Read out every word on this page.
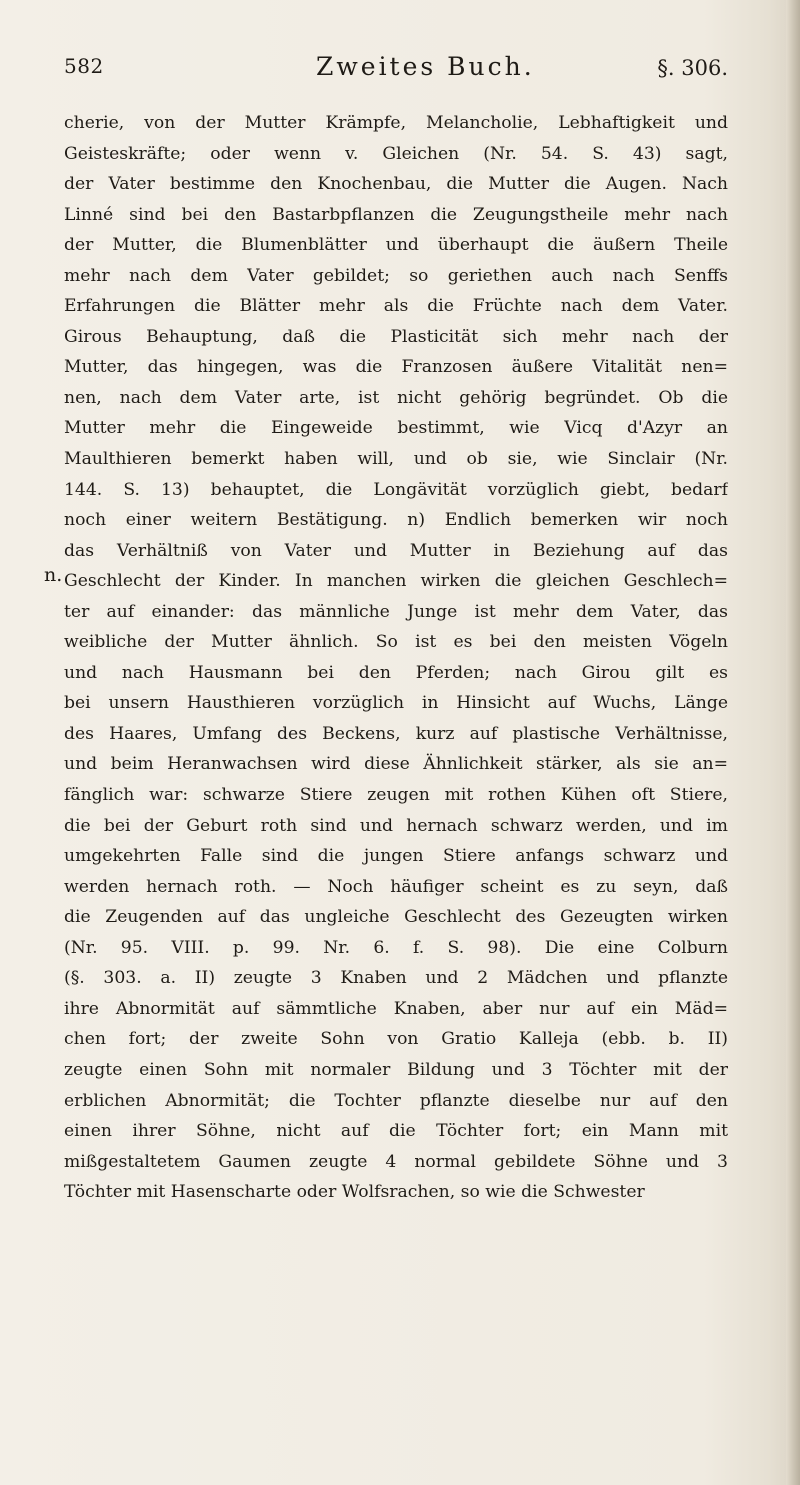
582	Zweites Buch.	§. 306.
n.
cherie, von der Mutter Krämpfe, Melancholie, Lebhaftigkeit und
Geisteskräfte; oder wenn v. Gleichen (Nr. 54. S. 43) sagt,
der Vater bestimme den Knochenbau, die Mutter die Augen. Nach
Linné sind bei den Bastarbpflanzen die Zeugungstheile mehr nach
der Mutter, die Blumenblätter und überhaupt die äußern Theile
mehr nach dem Vater gebildet; so geriethen auch nach Senffs
Erfahrungen die Blätter mehr als die Früchte nach dem Vater.
Girous Behauptung, daß die Plasticität sich mehr nach der
Mutter, das hingegen, was die Franzosen äußere Vitalität nen=
nen, nach dem Vater arte, ist nicht gehörig begründet. Ob die
Mutter mehr die Eingeweide bestimmt, wie Vicq d'Azyr an
Maulthieren bemerkt haben will, und ob sie, wie Sinclair (Nr.
144. S. 13) behauptet, die Longävität vorzüglich giebt, bedarf
noch einer weitern Bestätigung. n) Endlich bemerken wir noch
das Verhältniß von Vater und Mutter in Beziehung auf das
Geschlecht der Kinder. In manchen wirken die gleichen Geschlech=
ter auf einander: das männliche Junge ist mehr dem Vater, das
weibliche der Mutter ähnlich. So ist es bei den meisten Vögeln
und nach Hausmann bei den Pferden; nach Girou gilt es
bei unsern Hausthieren vorzüglich in Hinsicht auf Wuchs, Länge
des Haares, Umfang des Beckens, kurz auf plastische Verhältnisse,
und beim Heranwachsen wird diese Ähnlichkeit stärker, als sie an=
fänglich war: schwarze Stiere zeugen mit rothen Kühen oft Stiere,
die bei der Geburt roth sind und hernach schwarz werden, und im
umgekehrten Falle sind die jungen Stiere anfangs schwarz und
werden hernach roth. — Noch häufiger scheint es zu seyn, daß
die Zeugenden auf das ungleiche Geschlecht des Gezeugten wirken
(Nr. 95. VIII. p. 99. Nr. 6. f. S. 98). Die eine Colburn
(§. 303. a. II) zeugte 3 Knaben und 2 Mädchen und pflanzte
ihre Abnormität auf sämmtliche Knaben, aber nur auf ein Mäd=
chen fort; der zweite Sohn von Gratio Kalleja (ebb. b. II)
zeugte einen Sohn mit normaler Bildung und 3 Töchter mit der
erblichen Abnormität; die Tochter pflanzte dieselbe nur auf den
einen ihrer Söhne, nicht auf die Töchter fort; ein Mann mit
mißgestaltetem Gaumen zeugte 4 normal gebildete Söhne und 3
Töchter mit Hasenscharte oder Wolfsrachen, so wie die Schwester
